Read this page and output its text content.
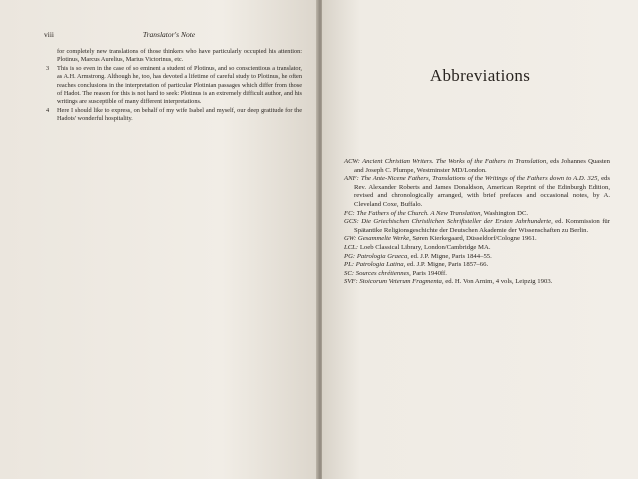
viii	Translator's Note

for completely new translations of those thinkers who have particularly occupied his attention: Plotinus, Marcus Aurelius, Marius Victorinus, etc.

3 This is so even in the case of so eminent a student of Plotinus, and so conscientious a translator, as A.H. Armstrong. Although he, too, has devoted a lifetime of careful study to Plotinus, he often reaches conclusions in the interpretation of particular Plotinian passages which differ from those of Hadot. The reason for this is not hard to seek: Plotinus is an extremely difficult author, and his writings are susceptible of many different interpretations.

4 Here I should like to express, on behalf of my wife Isabel and myself, our deep gratitude for the Hadots' wonderful hospitality.

Abbreviations

ACW: Ancient Christian Writers. The Works of the Fathers in Translation, eds Johannes Quasten and Joseph C. Plumpe, Westminster MD/London.

ANF: The Ante-Nicene Fathers, Translations of the Writings of the Fathers down to A.D. 325, eds Rev. Alexander Roberts and James Donaldson, American Reprint of the Edinburgh Edition, revised and chronologically arranged, with brief prefaces and occasional notes, by A. Cleveland Coxe, Buffalo.

FC: The Fathers of the Church. A New Translation, Washington DC.

GCS: Die Griechischen Christlichen Schriftsteller der Ersten Jahrhunderte, ed. Kommission für Spätantike Religionsgeschichte der Deutschen Akademie der Wissenschaften zu Berlin.

GW: Gesammelte Werke, Søren Kierkegaard, Düsseldorf/Cologne 1961.

LCL: Loeb Classical Library, London/Cambridge MA.

PG: Patrologia Graeca, ed. J.P. Migne, Paris 1844–55.

PL: Patrologia Latina, ed. J.P. Migne, Paris 1857–66.

SC: Sources chrétiennes, Paris 1940ff.

SVF: Stoicorum Veterum Fragmenta, ed. H. Von Arnim, 4 vols, Leipzig 1903.
